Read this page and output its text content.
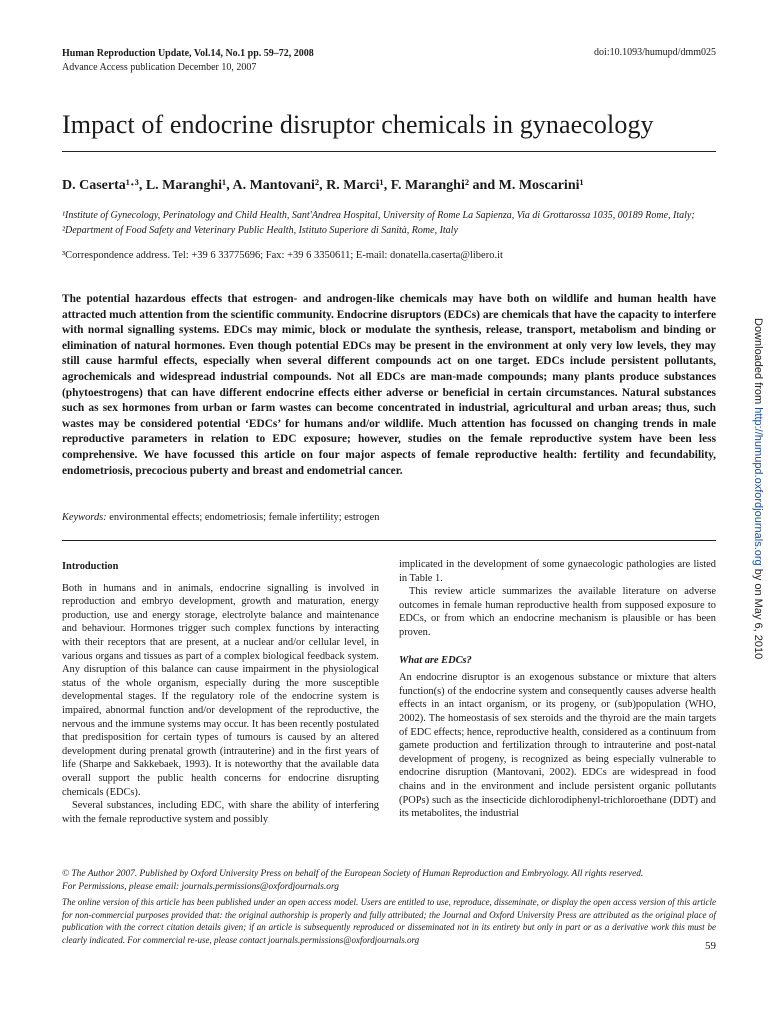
Human Reproduction Update, Vol.14, No.1 pp. 59–72, 2008
Advance Access publication December 10, 2007
doi:10.1093/humupd/dmm025
Impact of endocrine disruptor chemicals in gynaecology
D. Caserta¹·³, L. Maranghi¹, A. Mantovani², R. Marci¹, F. Maranghi² and M. Moscarini¹
¹Institute of Gynecology, Perinatology and Child Health, Sant'Andrea Hospital, University of Rome La Sapienza, Via di Grottarossa 1035, 00189 Rome, Italy; ²Department of Food Safety and Veterinary Public Health, Istituto Superiore di Sanità, Rome, Italy
³Correspondence address. Tel: +39 6 33775696; Fax: +39 6 3350611; E-mail: donatella.caserta@libero.it
The potential hazardous effects that estrogen- and androgen-like chemicals may have both on wildlife and human health have attracted much attention from the scientific community. Endocrine disruptors (EDCs) are chemicals that have the capacity to interfere with normal signalling systems. EDCs may mimic, block or modulate the synthesis, release, transport, metabolism and binding or elimination of natural hormones. Even though potential EDCs may be present in the environment at only very low levels, they may still cause harmful effects, especially when several different compounds act on one target. EDCs include persistent pollutants, agrochemicals and widespread industrial compounds. Not all EDCs are man-made compounds; many plants produce substances (phytoestrogens) that can have different endocrine effects either adverse or beneficial in certain circumstances. Natural substances such as sex hormones from urban or farm wastes can become concentrated in industrial, agricultural and urban areas; thus, such wastes may be considered potential ‘EDCs’ for humans and/or wildlife. Much attention has focussed on changing trends in male reproductive parameters in relation to EDC exposure; however, studies on the female reproductive system have been less comprehensive. We have focussed this article on four major aspects of female reproductive health: fertility and fecundability, endometriosis, precocious puberty and breast and endometrial cancer.
Keywords: environmental effects; endometriosis; female infertility; estrogen
Introduction

Both in humans and in animals, endocrine signalling is involved in reproduction and embryo development, growth and maturation, energy production, use and energy storage, electrolyte balance and maintenance and behaviour. Hormones trigger such complex functions by interacting with their receptors that are present, at a nuclear and/or cellular level, in various organs and tissues as part of a complex biological feedback system. Any disruption of this balance can cause impairment in the physiological status of the whole organism, especially during the more susceptible developmental stages. If the regulatory role of the endocrine system is impaired, abnormal function and/or development of the reproductive, the nervous and the immune systems may occur. It has been recently postulated that predisposition for certain types of tumours is caused by an altered development during prenatal growth (intrauterine) and in the first years of life (Sharpe and Sakkebaek, 1993). It is noteworthy that the available data overall support the public health concerns for endocrine disrupting chemicals (EDCs).

Several substances, including EDC, with share the ability of interfering with the female reproductive system and possibly

implicated in the development of some gynaecologic pathologies are listed in Table 1.

This review article summarizes the available literature on adverse outcomes in female human reproductive health from supposed exposure to EDCs, or from which an endocrine mechanism is plausible or has been proven.

What are EDCs?

An endocrine disruptor is an exogenous substance or mixture that alters function(s) of the endocrine system and consequently causes adverse health effects in an intact organism, or its progeny, or (sub)population (WHO, 2002). The homeostasis of sex steroids and the thyroid are the main targets of EDC effects; hence, reproductive health, considered as a continuum from gamete production and fertilization through to intrauterine and post-natal development of progeny, is recognized as being especially vulnerable to endocrine disruption (Mantovani, 2002). EDCs are widespread in food chains and in the environment and include persistent organic pollutants (POPs) such as the insecticide dichlorodiphenyl-trichloroethane (DDT) and its metabolites, the industrial

© The Author 2007. Published by Oxford University Press on behalf of the European Society of Human Reproduction and Embryology. All rights reserved.
For Permissions, please email: journals.permissions@oxfordjournals.org
The online version of this article has been published under an open access model. Users are entitled to use, reproduce, disseminate, or display the open access version of this article for non-commercial purposes provided that: the original authorship is properly and fully attributed; the Journal and Oxford University Press are attributed as the original place of publication with the correct citation details given; if an article is subsequently reproduced or disseminated not in its entirety but only in part or as a derivative work this must be clearly indicated. For commercial re-use, please contact journals.permissions@oxfordjournals.org
59
Downloaded from http://humupd.oxfordjournals.org by on May 6, 2010
